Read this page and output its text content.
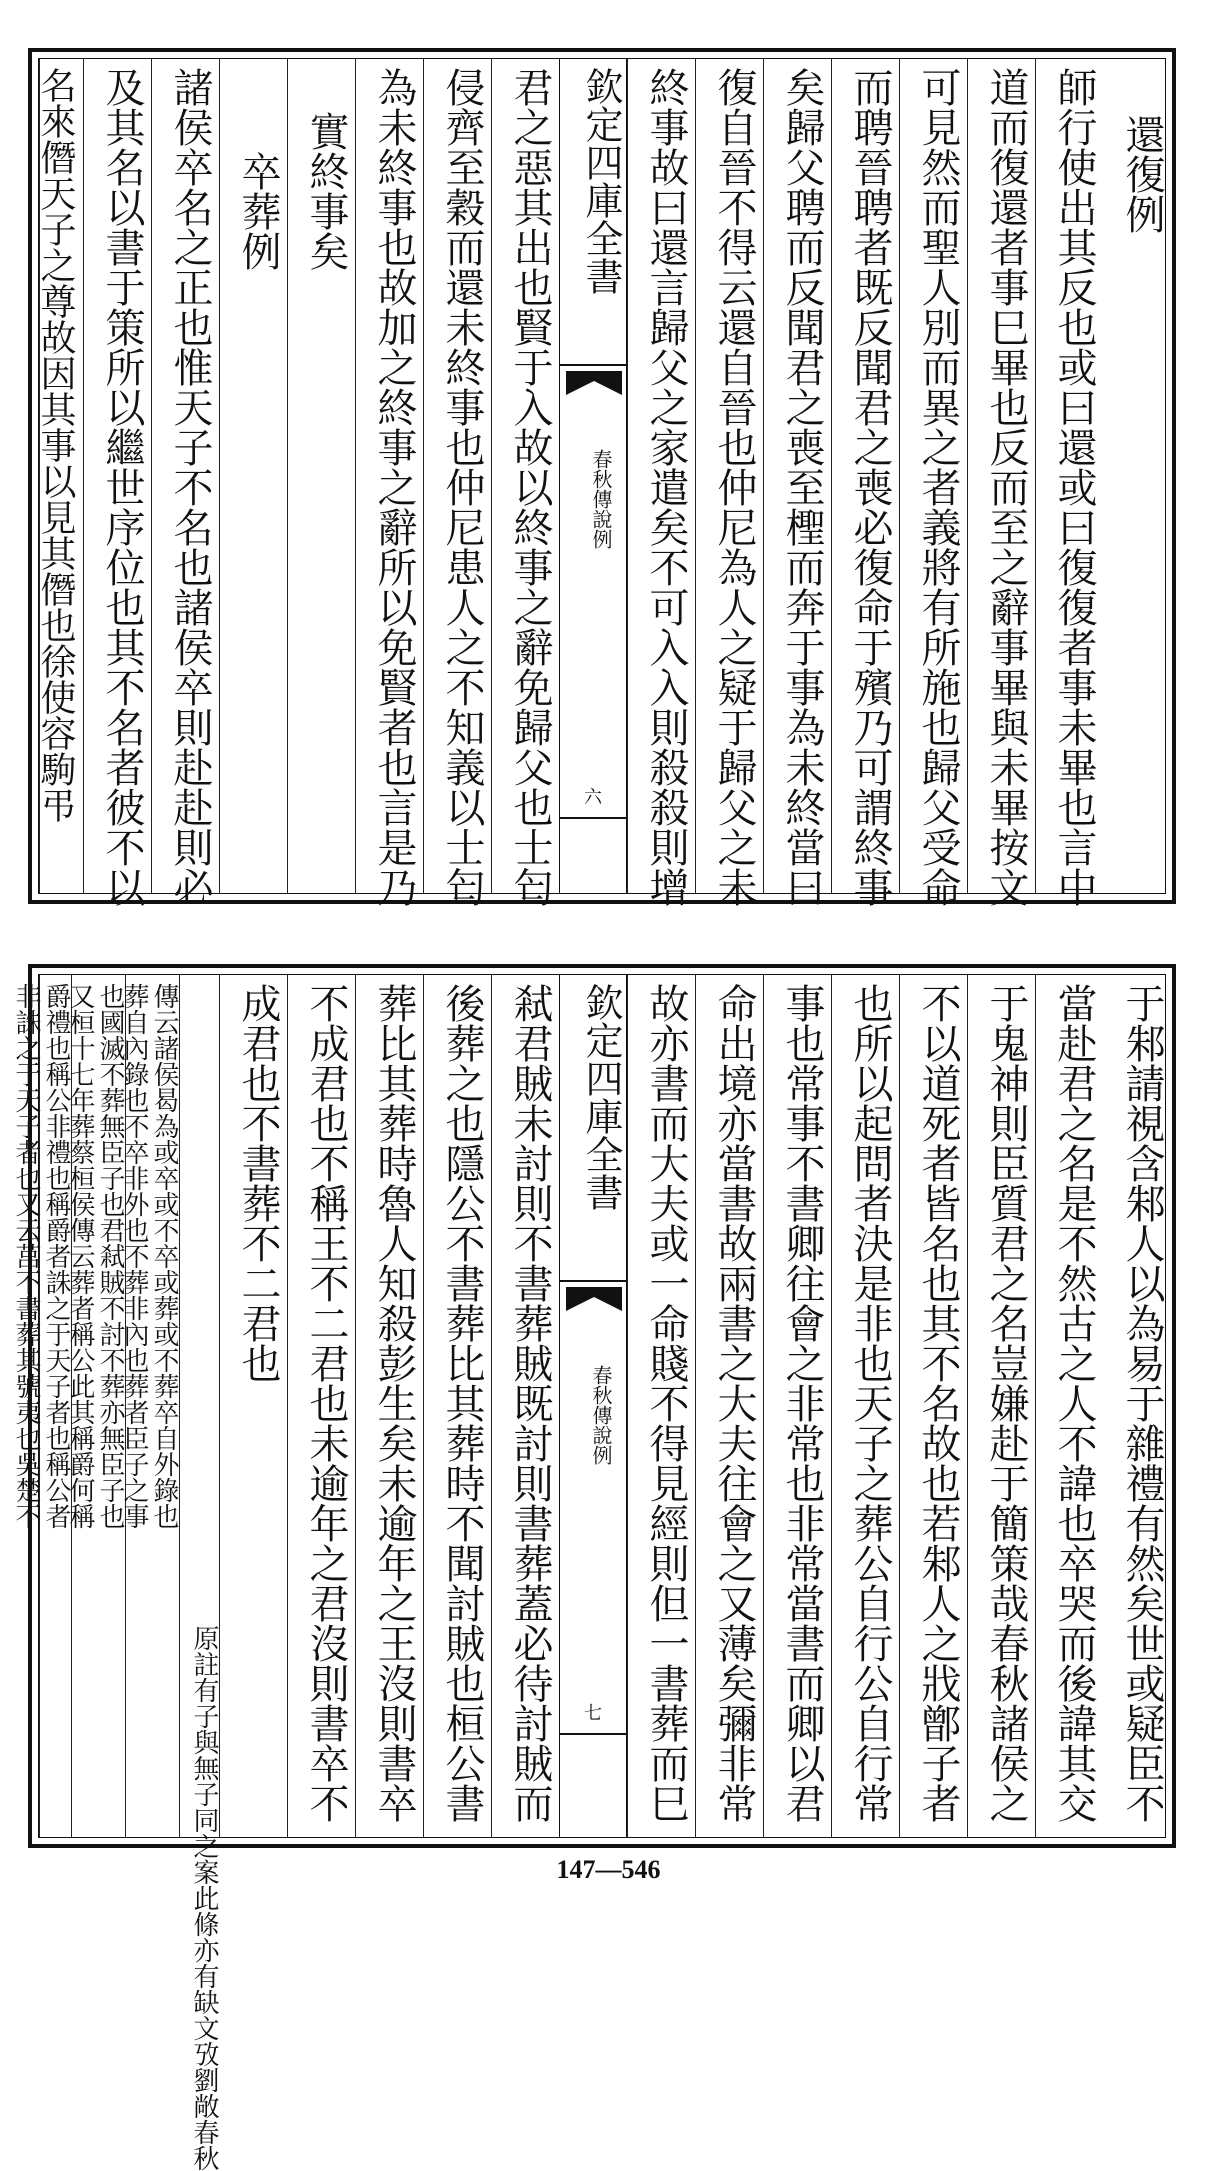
還復例
師行使出其反也或曰還或曰復復者事未畢也言中
道而復還者事巳畢也反而至之辭事畢與未畢按文
可見然而聖人別而異之者義將有所施也歸父受命
而聘晉聘者既反聞君之喪必復命于殯乃可謂終事
矣歸父聘而反聞君之喪至檉而奔于事為未終當曰
復自晉不得云還自晉也仲尼為人之疑于歸父之未
終事故曰還言歸父之家遣矣不可入入則殺殺則增
欽定四庫全書
春秋傳說例
六
君之惡其出也賢于入故以終事之辭免歸父也士匄
侵齊至穀而還未終事也仲尼患人之不知義以士匄
為未終事也故加之終事之辭所以免賢者也言是乃
實終事矣
卒葬例
諸侯卒名之正也惟天子不名也諸侯卒則赴赴則必
及其名以書于策所以繼世序位也其不名者彼不以
名來僭天子之尊故因其事以見其僭也徐使容駒弔
于邾請視含邾人以為易于雜禮有然矣世或疑臣不
當赴君之名是不然古之人不諱也卒哭而後諱其交
于鬼神則臣質君之名豈嫌赴于簡策哉春秋諸侯之
不以道死者皆名也其不名故也若邾人之戕鄫子者
也所以起問者決是非也天子之葬公自行公自行常
事也常事不書卿往會之非常也非常當書而卿以君
命出境亦當書故兩書之大夫往會之又薄矣彌非常
故亦書而大夫或一命賤不得見經則但一書葬而巳
欽定四庫全書
春秋傳說例
七
弒君賊未討則不書葬賊既討則書葬蓋必待討賊而
後葬之也隱公不書葬比其葬時不聞討賊也桓公書
葬比其葬時魯人知殺彭生矣未逾年之王沒則書卒
不成君也不稱王不二君也未逾年之君沒則書卒不
成君也不書葬不二君也
原註有子與無子同之案此條亦有缺文攷劉敞春秋
傳云諸侯曷為或卒或不卒或葬或不葬卒自外錄也
葬自內錄也不卒非外也不葬非內也葬者臣子之事
也國滅不葬無臣子也君弒賊不討不葬亦無臣子也
又桓十七年葬蔡桓侯傳云葬者稱公此其稱爵何稱
爵禮也稱公非禮也稱爵者誅之于天子者也稱公者
非誅之于天子者也又云莒不書葬其號夷也吳楚不
147—546
